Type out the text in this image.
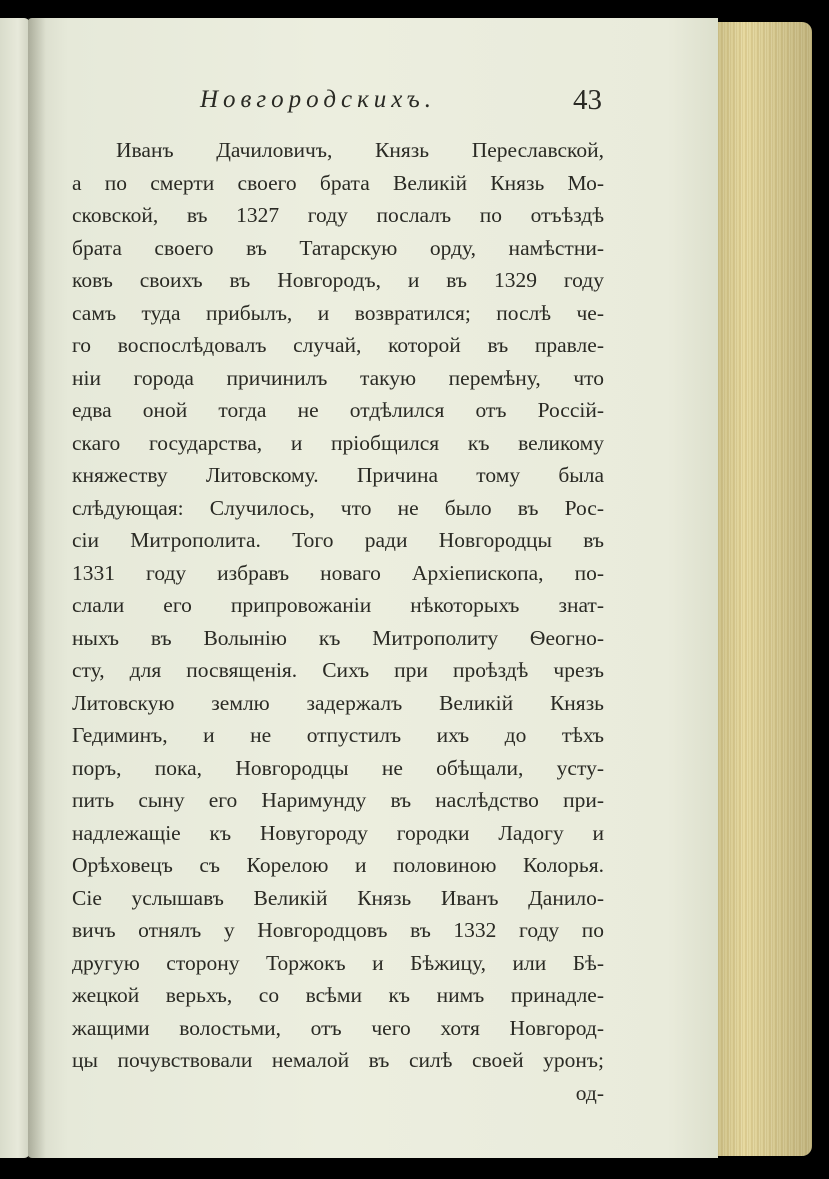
Новгородскихъ.	43
Иванъ Дачиловичъ, Князь Переславской,
а по смерти своего брата Великій Князь Мо-
сковской, въ 1327 году послалъ по отъѣздѣ
брата своего въ Татарскую орду, намѣстни-
ковъ своихъ въ Новгородъ, и въ 1329 году
самъ туда прибылъ, и возвратился; послѣ че-
го воспослѣдовалъ случай, которой въ правле-
ніи города причинилъ такую перемѣну, что
едва оной тогда не отдѣлился отъ Россій-
скаго государства, и пріобщился къ великому
княжеству Литовскому. Причина тому была
слѣдующая: Случилось, что не было въ Рос-
сіи Митрополита. Того ради Новгородцы въ
1331 году избравъ новаго Архіепископа, по-
слали его припровожаніи нѣкоторыхъ знат-
ныхъ въ Волынію къ Митрополиту Ѳеогно-
сту, для посвященія. Сихъ при проѣздѣ чрезъ
Литовскую землю задержалъ Великій Князь
Гедиминъ, и не отпустилъ ихъ до тѣхъ
поръ, пока, Новгородцы не обѣщали, усту-
пить сыну его Наримунду въ наслѣдство при-
надлежащіе къ Новугороду городки Ладогу и
Орѣховецъ съ Корелою и половиною Колорья.
Сіе услышавъ Великій Князь Иванъ Данило-
вичъ отнялъ у Новгородцовъ въ 1332 году по
другую сторону Торжокъ и Бѣжицу, или Бѣ-
жецкой верьхъ, со всѣми къ нимъ принадле-
жащими волостьми, отъ чего хотя Новгород-
цы почувствовали немалой въ силѣ своей уронъ;
од-
